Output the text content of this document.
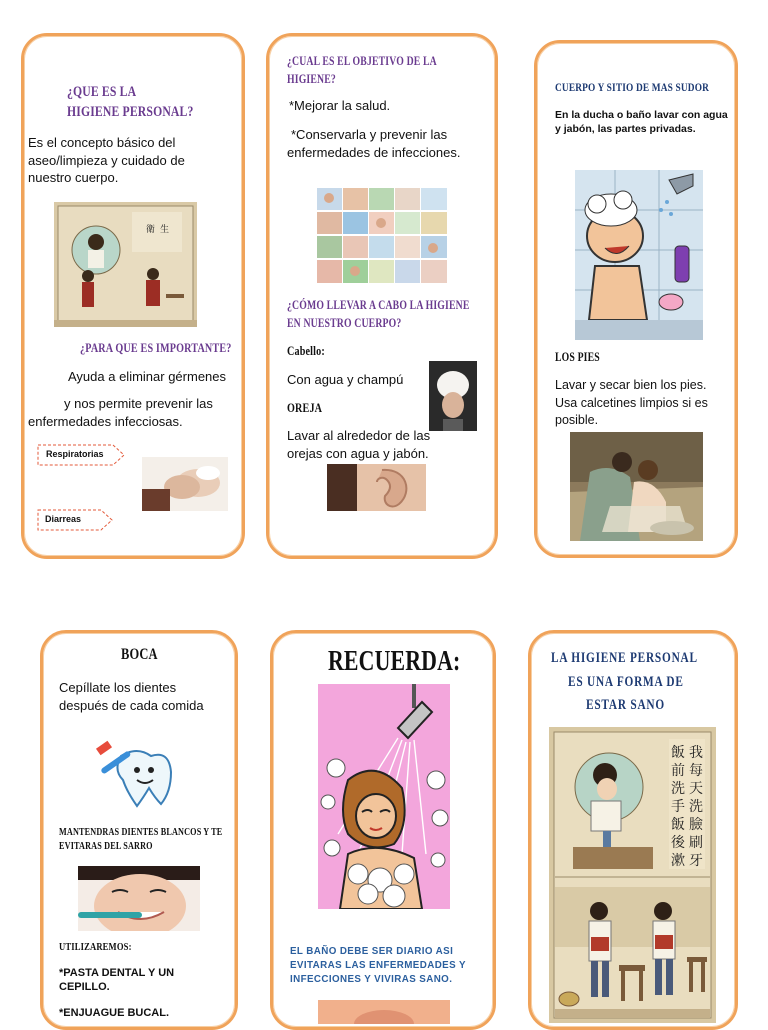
¿QUE ES LA

HIGIENE PERSONAL?

Es el concepto básico del aseo/limpieza y cuidado de nuestro cuerpo.

衛 生

¿PARA QUE ES IMPORTANTE?

Ayuda a eliminar gérmenes

y nos permite prevenir las enfermedades infecciosas.

Respiratorias
Diarreas

¿CUAL ES EL OBJETIVO DE LA HIGIENE?

*Mejorar la salud.

*Conservarla y prevenir las enfermedades de infecciones.

¿CÓMO LLEVAR A CABO LA HIGIENE EN NUESTRO CUERPO?

Cabello:

Con agua y champú

OREJA

Lavar al alrededor de las orejas con agua y jabón.

CUERPO Y SITIO DE MAS SUDOR

En la ducha o baño lavar con agua y jabón, las partes privadas.

LOS PIES

Lavar y secar bien los pies. Usa calcetines limpios si es posible.

BOCA

Cepíllate los dientes después de cada comida

MANTENDRAS DIENTES BLANCOS Y TE EVITARAS DEL SARRO

UTILIZAREMOS:

*PASTA DENTAL Y UN CEPILLO.

*ENJUAGUE BUCAL.

RECUERDA:

EL BAÑO DEBE SER DIARIO ASI EVITARAS LAS ENFERMEDADES Y INFECCIONES Y VIVIRAS SANO.

LA HIGIENE PERSONAL

ES UNA FORMA DE

ESTAR SANO

我
每
天
洗
臉
刷
牙
飯
前
洗
手
飯
後
漱
